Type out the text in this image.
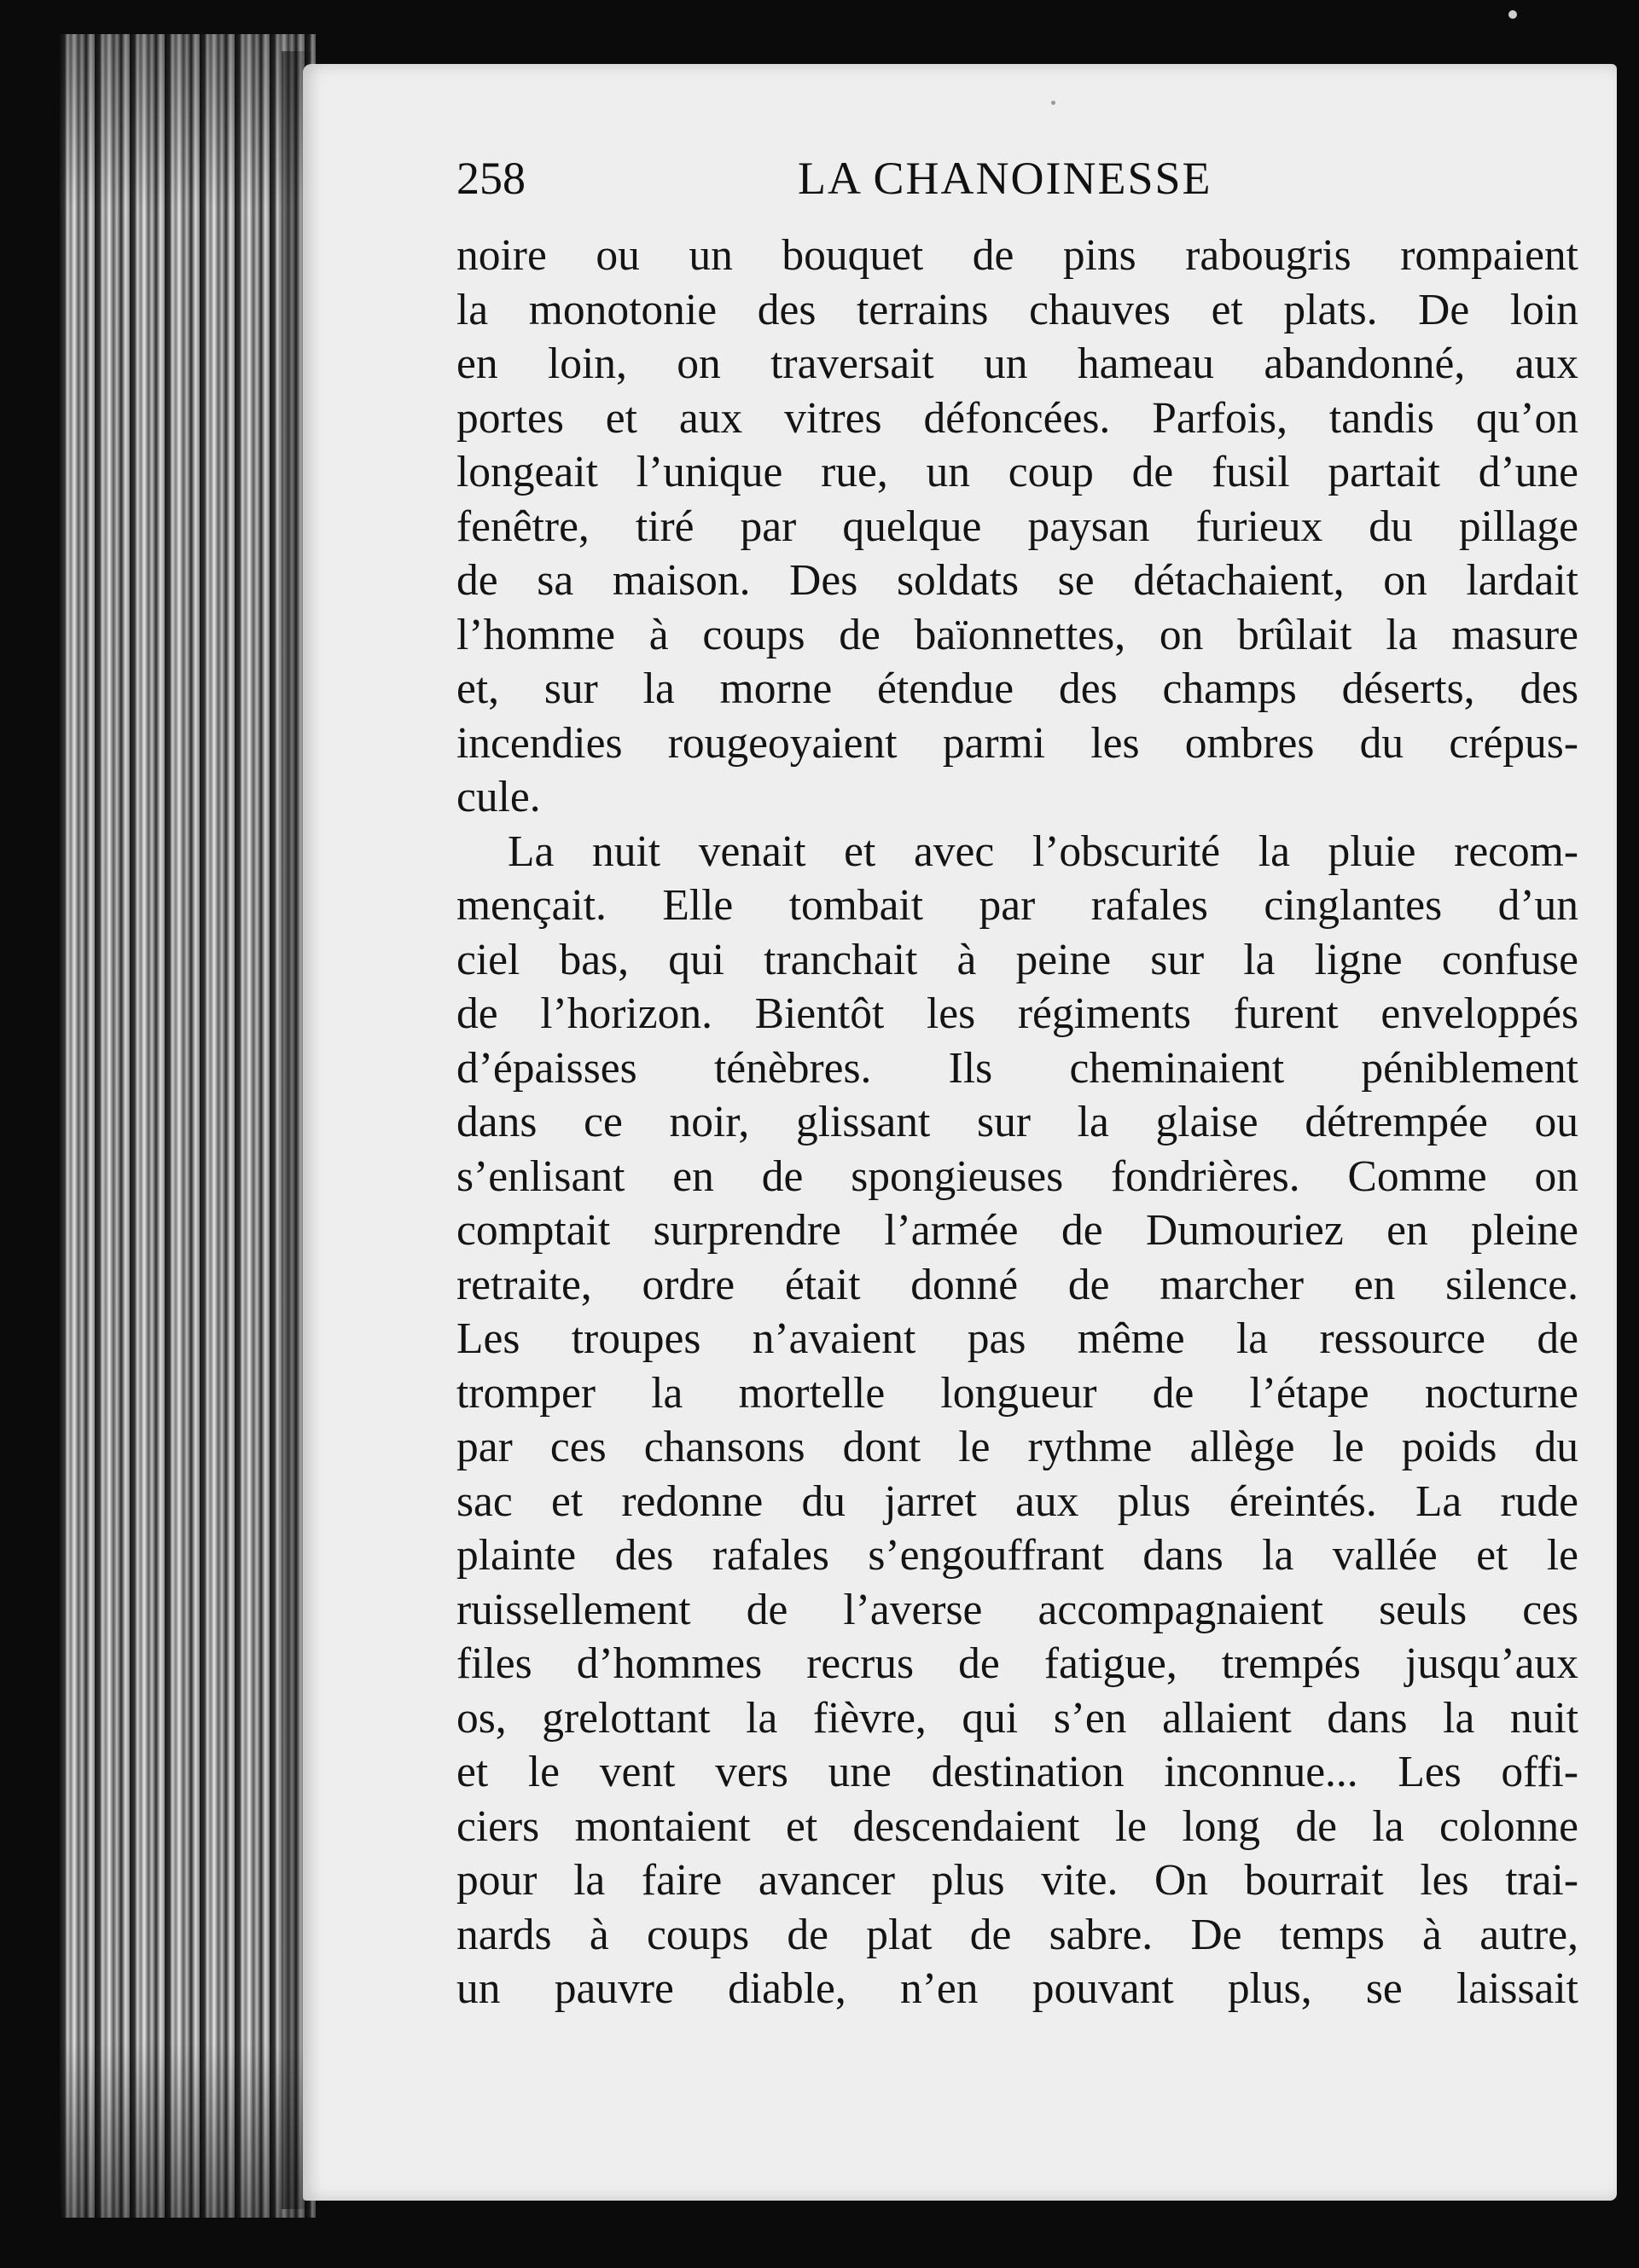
258	LA CHANOINESSE
noire ou un bouquet de pins rabougris rompaient
la monotonie des terrains chauves et plats. De loin
en loin, on traversait un hameau abandonné, aux
portes et aux vitres défoncées. Parfois, tandis qu’on
longeait l’unique rue, un coup de fusil partait d’une
fenêtre, tiré par quelque paysan furieux du pillage
de sa maison. Des soldats se détachaient, on lardait
l’homme à coups de baïonnettes, on brûlait la masure
et, sur la morne étendue des champs déserts, des
incendies rougeoyaient parmi les ombres du crépus-
cule.
La nuit venait et avec l’obscurité la pluie recom-
mençait. Elle tombait par rafales cinglantes d’un
ciel bas, qui tranchait à peine sur la ligne confuse
de l’horizon. Bientôt les régiments furent enveloppés
d’épaisses ténèbres. Ils cheminaient péniblement
dans ce noir, glissant sur la glaise détrempée ou
s’enlisant en de spongieuses fondrières. Comme on
comptait surprendre l’armée de Dumouriez en pleine
retraite, ordre était donné de marcher en silence.
Les troupes n’avaient pas même la ressource de
tromper la mortelle longueur de l’étape nocturne
par ces chansons dont le rythme allège le poids du
sac et redonne du jarret aux plus éreintés. La rude
plainte des rafales s’engouffrant dans la vallée et le
ruissellement de l’averse accompagnaient seuls ces
files d’hommes recrus de fatigue, trempés jusqu’aux
os, grelottant la fièvre, qui s’en allaient dans la nuit
et le vent vers une destination inconnue... Les offi-
ciers montaient et descendaient le long de la colonne
pour la faire avancer plus vite. On bourrait les trai-
nards à coups de plat de sabre. De temps à autre,
un pauvre diable, n’en pouvant plus, se laissait
